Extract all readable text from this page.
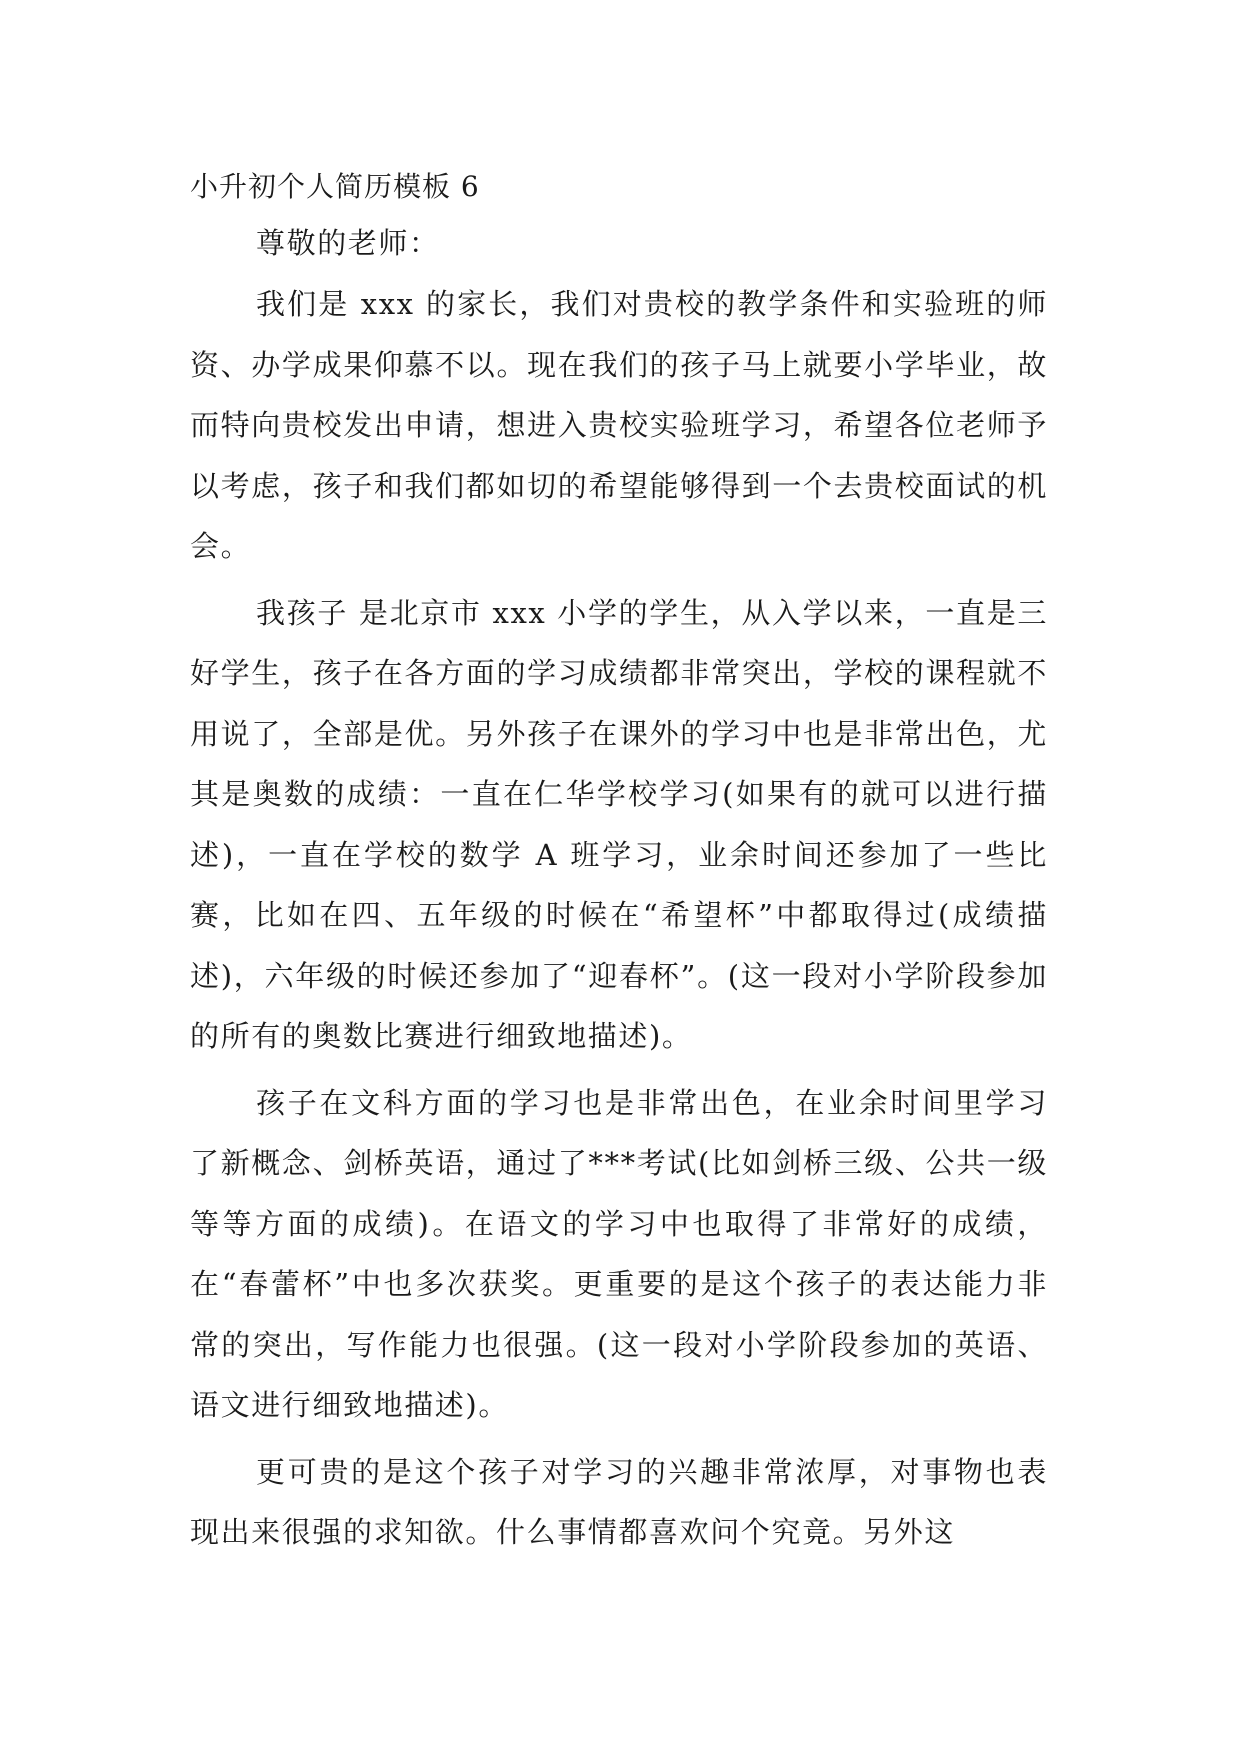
小升初个人简历模板 6

尊敬的老师：

我们是 xxx 的家长，我们对贵校的教学条件和实验班的师资、办学成果仰慕不以。现在我们的孩子马上就要小学毕业，故而特向贵校发出申请，想进入贵校实验班学习，希望各位老师予以考虑，孩子和我们都如切的希望能够得到一个去贵校面试的机会。

我孩子 是北京市 xxx 小学的学生，从入学以来，一直是三好学生，孩子在各方面的学习成绩都非常突出，学校的课程就不用说了，全部是优。另外孩子在课外的学习中也是非常出色，尤其是奥数的成绩：一直在仁华学校学习(如果有的就可以进行描述)，一直在学校的数学 A 班学习，业余时间还参加了一些比赛，比如在四、五年级的时候在“希望杯”中都取得过(成绩描述)，六年级的时候还参加了“迎春杯”。(这一段对小学阶段参加的所有的奥数比赛进行细致地描述)。

孩子在文科方面的学习也是非常出色，在业余时间里学习了新概念、剑桥英语，通过了***考试(比如剑桥三级、公共一级等等方面的成绩)。在语文的学习中也取得了非常好的成绩，在“春蕾杯”中也多次获奖。更重要的是这个孩子的表达能力非常的突出，写作能力也很强。(这一段对小学阶段参加的英语、语文进行细致地描述)。

更可贵的是这个孩子对学习的兴趣非常浓厚，对事物也表现出来很强的求知欲。什么事情都喜欢问个究竟。另外这
